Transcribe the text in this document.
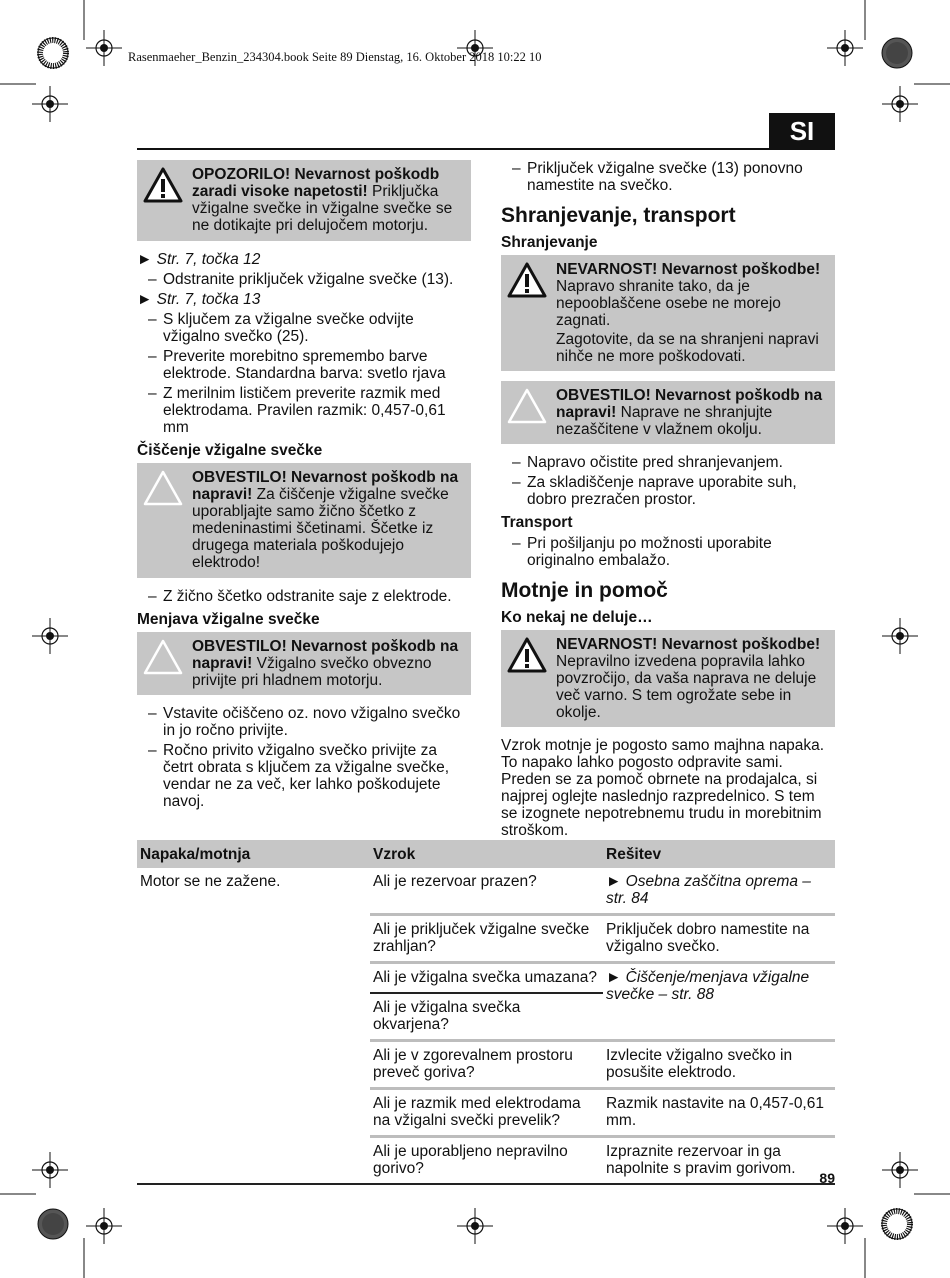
Rasenmaeher_Benzin_234304.book Seite 89 Dienstag, 16. Oktober 2018 10:22 10
SI

OPOZORILO! Nevarnost poškodb zaradi visoke napetosti! Priključka vžigalne svečke in vžigalne svečke se ne dotikajte pri delujočem motorju.

► Str. 7, točka 12
– Odstranite priključek vžigalne svečke (13).
► Str. 7, točka 13
– S ključem za vžigalne svečke odvijte vžigalno svečko (25).
– Preverite morebitno spremembo barve elektrode. Standardna barva: svetlo rjava
– Z merilnim lističem preverite razmik med elektrodama. Pravilen razmik: 0,457-0,61 mm
Čiščenje vžigalne svečke

OBVESTILO! Nevarnost poškodb na napravi! Za čiščenje vžigalne svečke uporabljajte samo žično ščetko z medeninastimi ščetinami. Ščetke iz drugega materiala poškodujejo elektrodo!

– Z žično ščetko odstranite saje z elektrode.
Menjava vžigalne svečke

OBVESTILO! Nevarnost poškodb na napravi! Vžigalno svečko obvezno privijte pri hladnem motorju.

– Vstavite očiščeno oz. novo vžigalno svečko in jo ročno privijte.
– Ročno privito vžigalno svečko privijte za četrt obrata s ključem za vžigalne svečke, vendar ne za več, ker lahko poškodujete navoj.
– Priključek vžigalne svečke (13) ponovno namestite na svečko.
Shranjevanje, transport
Shranjevanje

NEVARNOST! Nevarnost poškodbe! Napravo shranite tako, da je nepooblaščene osebe ne morejo zagnati.

Zagotovite, da se na shranjeni napravi nihče ne more poškodovati.

OBVESTILO! Nevarnost poškodb na napravi! Naprave ne shranjujte nezaščitene v vlažnem okolju.

– Napravo očistite pred shranjevanjem.
– Za skladiščenje naprave uporabite suh, dobro prezračen prostor.
Transport
– Pri pošiljanju po možnosti uporabite originalno embalažo.
Motnje in pomoč
Ko nekaj ne deluje…

NEVARNOST! Nevarnost poškodbe! Nepravilno izvedena popravila lahko povzročijo, da vaša naprava ne deluje več varno. S tem ogrožate sebe in okolje.

Vzrok motnje je pogosto samo majhna napaka. To napako lahko pogosto odpravite sami. Preden se za pomoč obrnete na prodajalca, si najprej oglejte naslednjo razpredelnico. S tem se izognete nepotrebnemu trudu in morebitnim stroškom.
Napaka/motnja	Vzrok	Rešitev
Motor se ne zažene.	Ali je rezervoar prazen?	► Osebna zaščitna oprema – str. 84
	Ali je priključek vžigalne svečke zrahljan?	Priključek dobro namestite na vžigalno svečko.
	Ali je vžigalna svečka umazana?	► Čiščenje/menjava vžigalne svečke – str. 88
	Ali je vžigalna svečka okvarjena?	
	Ali je v zgorevalnem prostoru preveč goriva?	Izvlecite vžigalno svečko in posušite elektrodo.
	Ali je razmik med elektrodama na vžigalni svečki prevelik?	Razmik nastavite na 0,457-0,61 mm.
	Ali je uporabljeno nepravilno gorivo?	Izpraznite rezervoar in ga napolnite s pravim gorivom.
89
